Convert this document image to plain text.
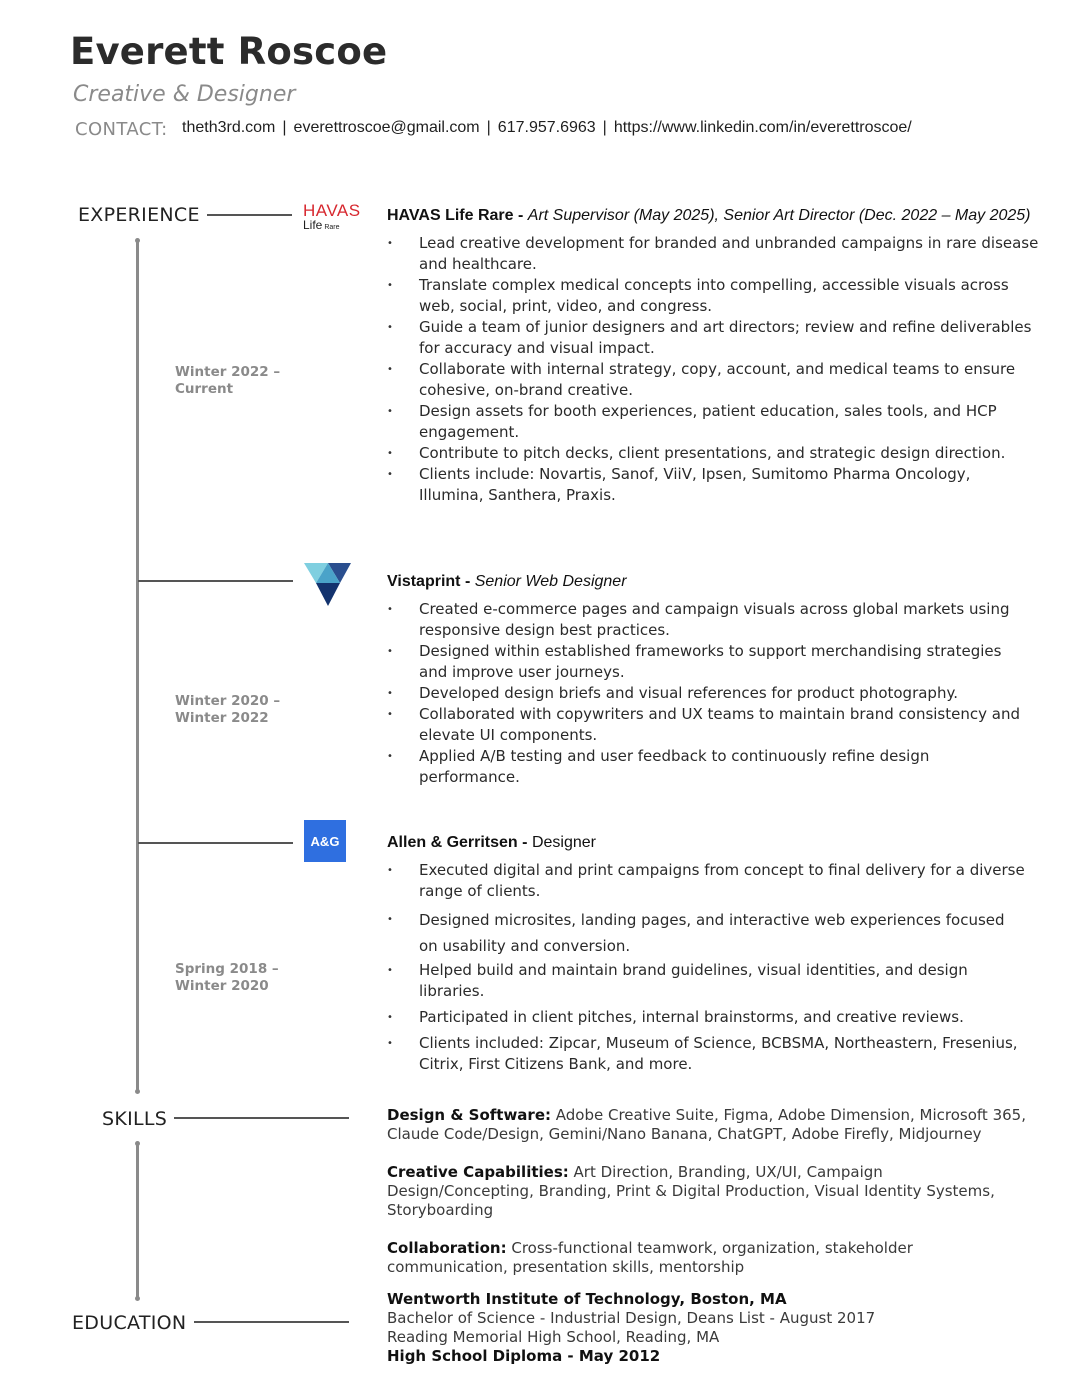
Everett Roscoe
Creative & Designer
CONTACT: theth3rd.com | everettroscoe@gmail.com | 617.957.6963 | https://www.linkedin.com/in/everettroscoe/
EXPERIENCE
SKILLS
EDUCATION
Winter 2022 –
Current
Winter 2020 –
Winter 2022
Spring 2018 –
Winter 2020
HAVAS
Life Rare
A&G
HAVAS Life Rare - Art Supervisor (May 2025), Senior Art Director (Dec. 2022 – May 2025)
• Lead creative development for branded and unbranded campaigns in rare disease and healthcare.
• Translate complex medical concepts into compelling, accessible visuals across web, social, print, video, and congress.
• Guide a team of junior designers and art directors; review and refine deliverables for accuracy and visual impact.
• Collaborate with internal strategy, copy, account, and medical teams to ensure cohesive, on-brand creative.
• Design assets for booth experiences, patient education, sales tools, and HCP engagement.
• Contribute to pitch decks, client presentations, and strategic design direction.
• Clients include: Novartis, Sanof, ViiV, Ipsen, Sumitomo Pharma Oncology, Illumina, Santhera, Praxis.
Vistaprint - Senior Web Designer
• Created e-commerce pages and campaign visuals across global markets using responsive design best practices.
• Designed within established frameworks to support merchandising strategies and improve user journeys.
• Developed design briefs and visual references for product photography.
• Collaborated with copywriters and UX teams to maintain brand consistency and elevate UI components.
• Applied A/B testing and user feedback to continuously refine design performance.
Allen & Gerritsen - Designer
• Executed digital and print campaigns from concept to final delivery for a diverse range of clients.
• Designed microsites, landing pages, and interactive web experiences focused on usability and conversion.
• Helped build and maintain brand guidelines, visual identities, and design libraries.
• Participated in client pitches, internal brainstorms, and creative reviews.
• Clients included: Zipcar, Museum of Science, BCBSMA, Northeastern, Fresenius, Citrix, First Citizens Bank, and more.

Design & Software: Adobe Creative Suite, Figma, Adobe Dimension, Microsoft 365, Claude Code/Design, Gemini/Nano Banana, ChatGPT, Adobe Firefly, Midjourney

Creative Capabilities: Art Direction, Branding, UX/UI, Campaign Design/Concepting, Branding, Print & Digital Production, Visual Identity Systems, Storyboarding

Collaboration: Cross-functional teamwork, organization, stakeholder communication, presentation skills, mentorship

Wentworth Institute of Technology, Boston, MA
Bachelor of Science - Industrial Design, Deans List - August 2017
Reading Memorial High School, Reading, MA
High School Diploma - May 2012
